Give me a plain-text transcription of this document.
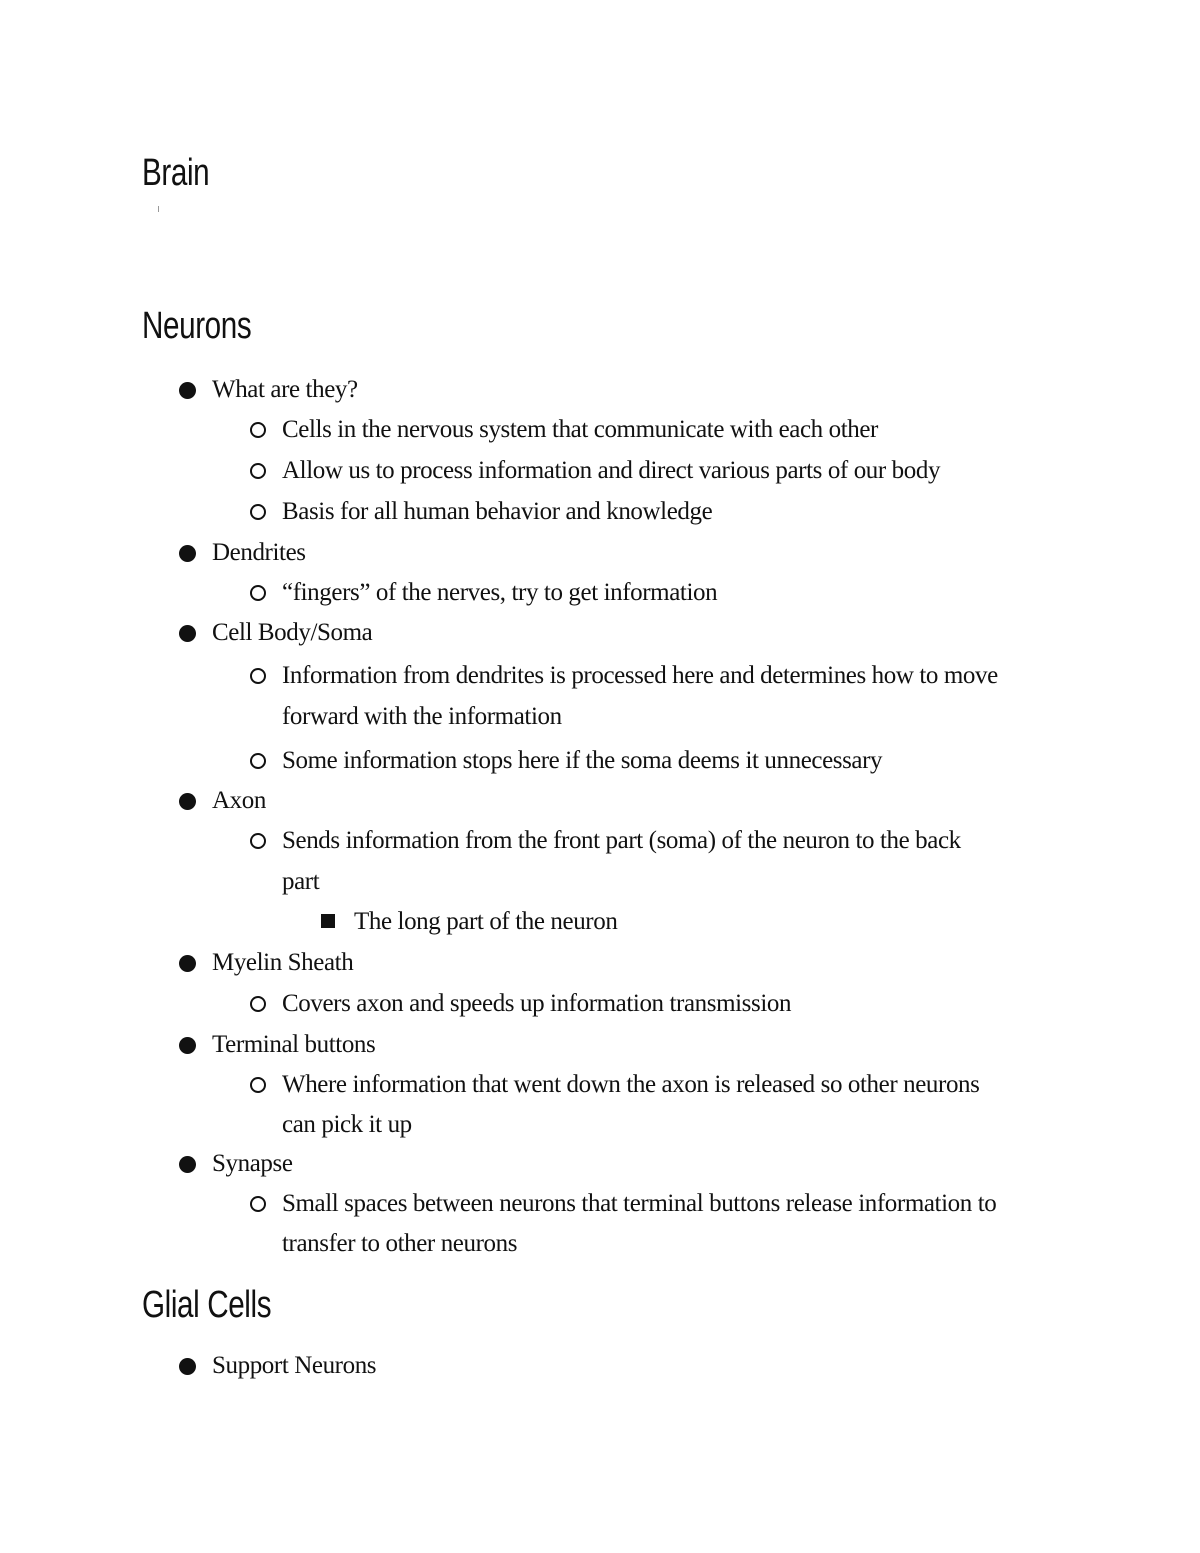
Brain
Neurons
What are they?
Cells in the nervous system that communicate with each other
Allow us to process information and direct various parts of our body
Basis for all human behavior and knowledge
Dendrites
“fingers” of the nerves, try to get information
Cell Body/Soma
Information from dendrites is processed here and determines how to move
forward with the information
Some information stops here if the soma deems it unnecessary
Axon
Sends information from the front part (soma) of the neuron to the back
part
The long part of the neuron
Myelin Sheath
Covers axon and speeds up information transmission
Terminal buttons
Where information that went down the axon is released so other neurons
can pick it up
Synapse
Small spaces between neurons that terminal buttons release information to
transfer to other neurons
Glial Cells
Support Neurons
